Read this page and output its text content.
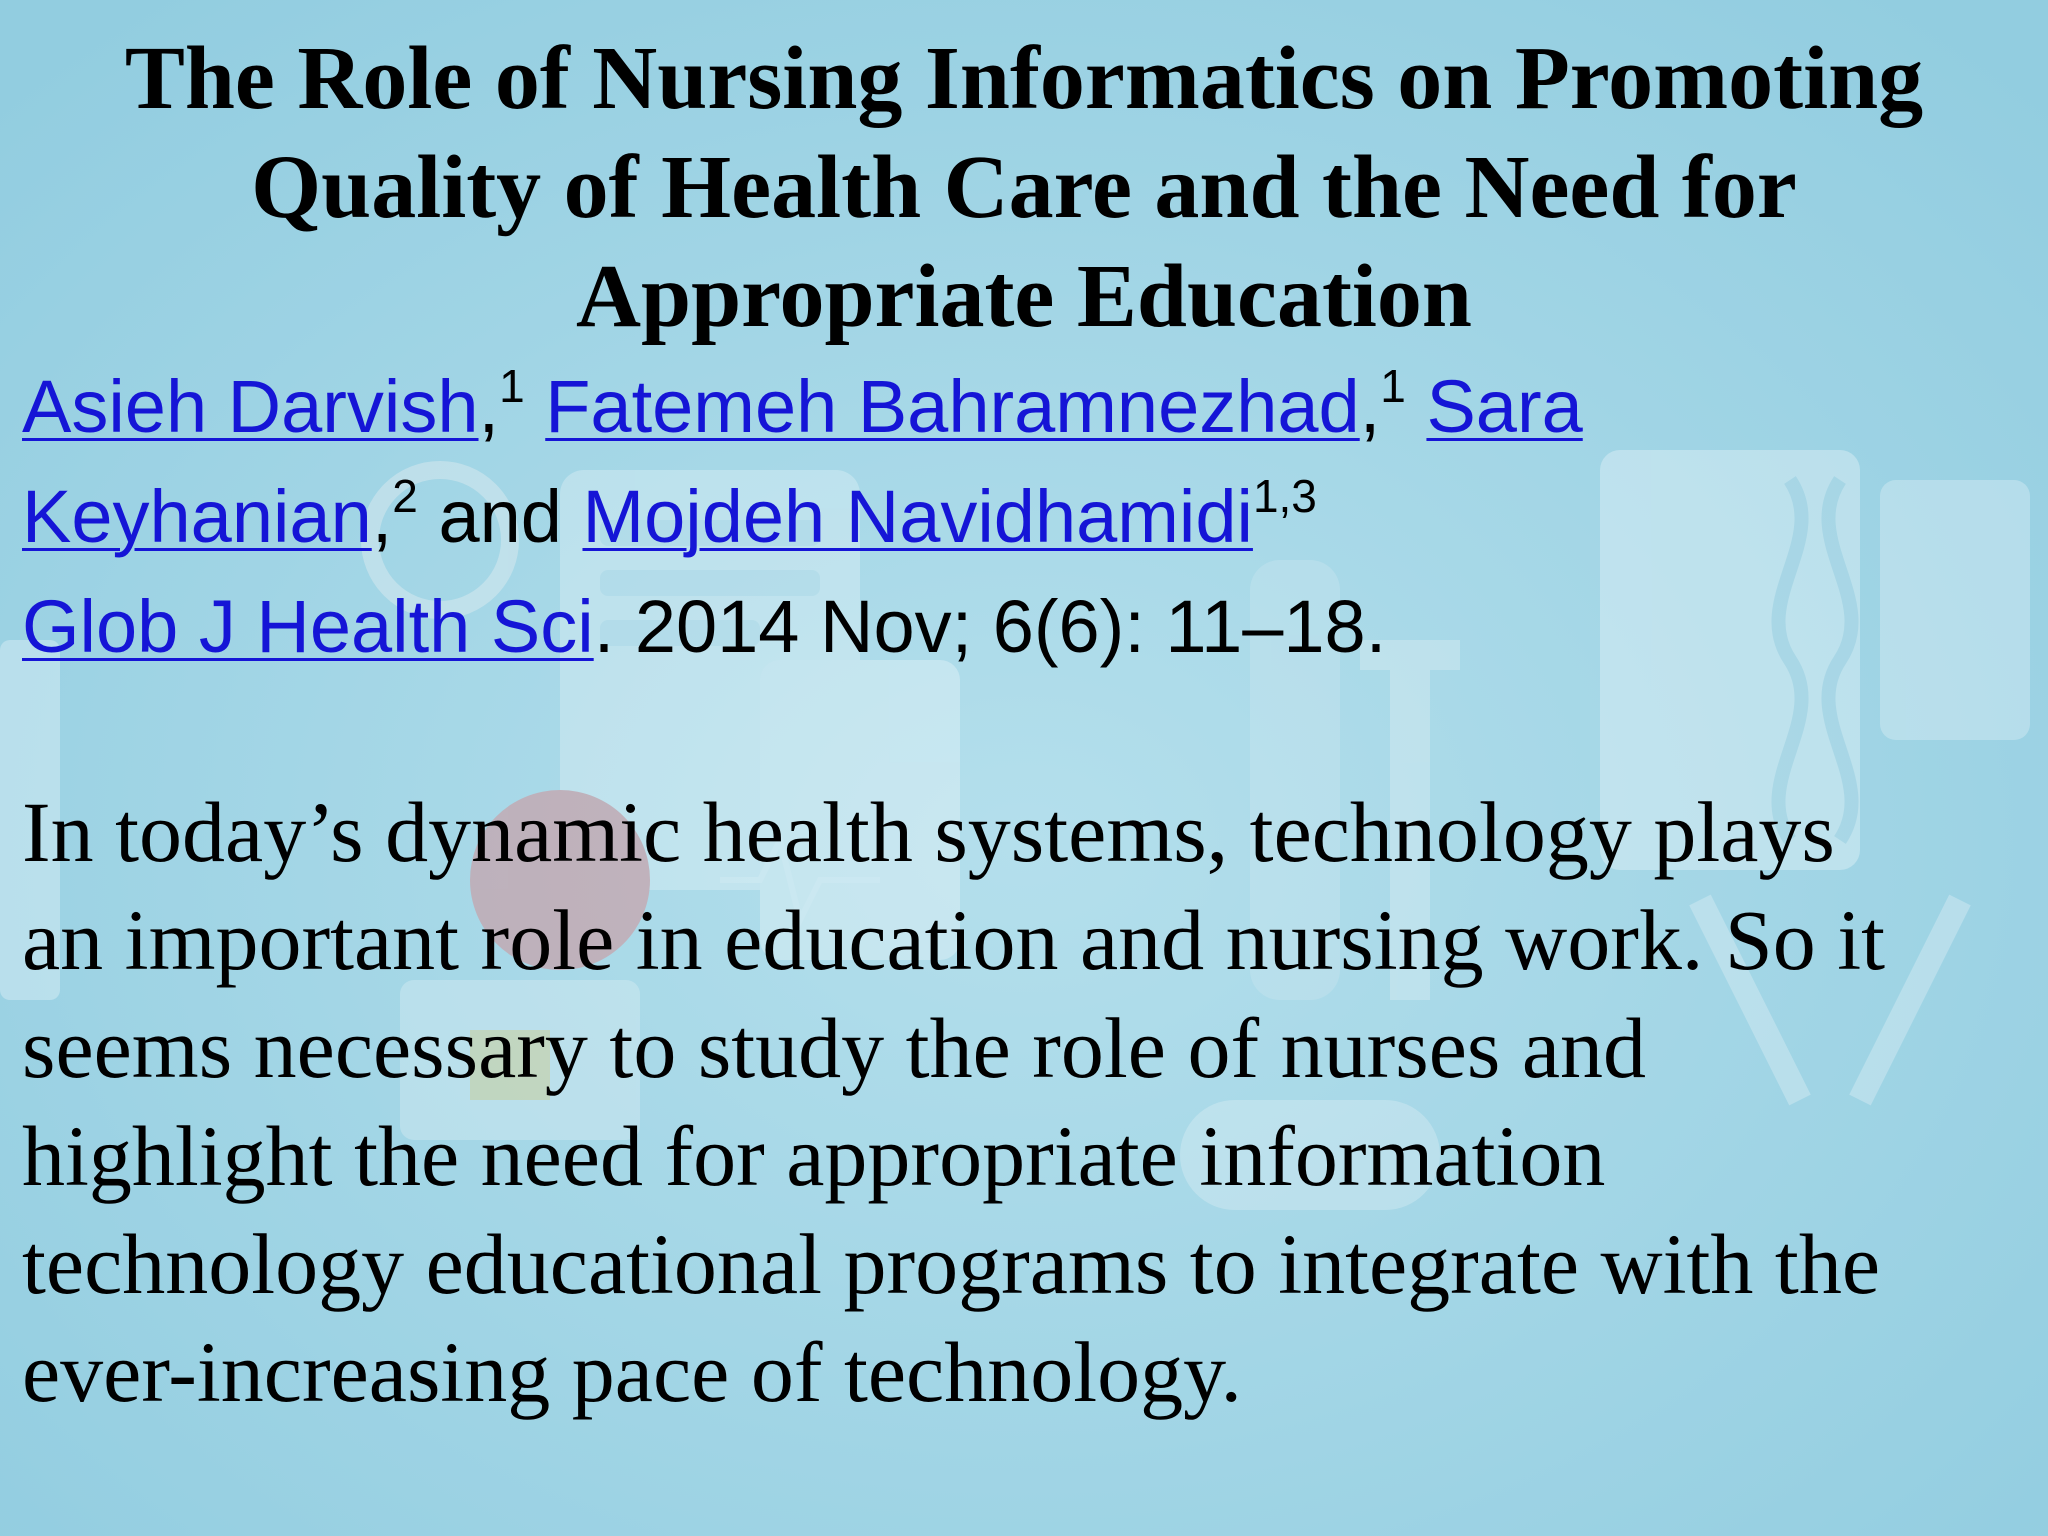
The Role of Nursing Informatics on Promoting
Quality of Health Care and the Need for
Appropriate Education
Asieh Darvish,$^1$ Fatemeh Bahramnezhad,$^1$ Sara
Keyhanian,$^2$ and Mojdeh Navidhamidi$^{1,3}$
Glob J Health Sci. 2014 Nov; 6(6): 11–18.
In today’s dynamic health systems, technology plays
an important role in education and nursing work. So it
seems necessary to study the role of nurses and
highlight the need for appropriate information
technology educational programs to integrate with the
ever-increasing pace of technology.
